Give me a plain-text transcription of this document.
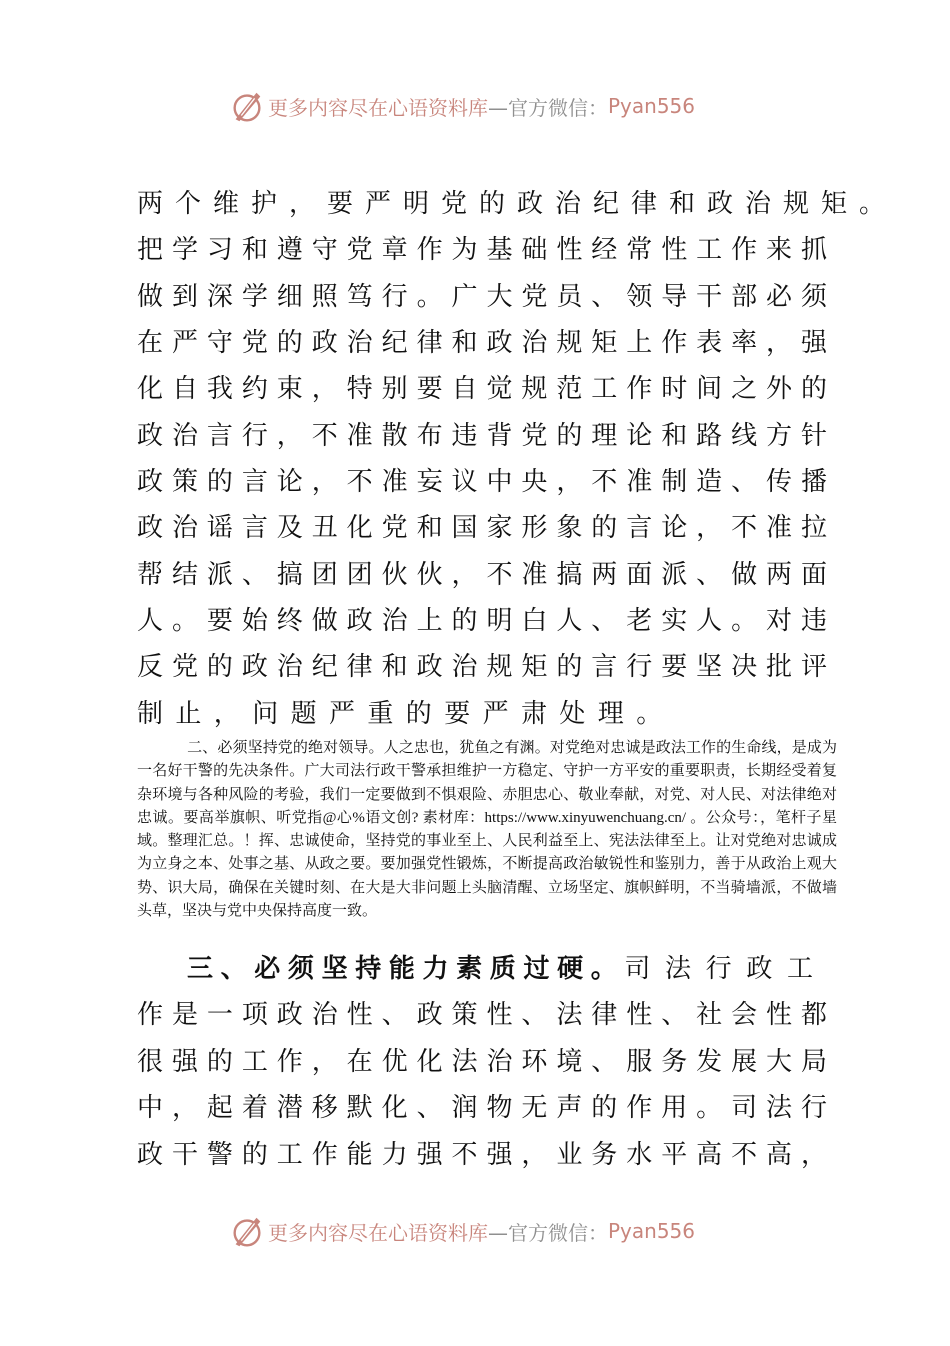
更多内容尽在心语资料库 —官方微信： Pyan556
两个维护，要严明党的政治纪律和政治规矩。
把学习和遵守党章作为基础性经常性工作来抓
做到深学细照笃行。广大党员、领导干部必须
在严守党的政治纪律和政治规矩上作表率，强
化自我约束，特别要自觉规范工作时间之外的
政治言行，不准散布违背党的理论和路线方针
政策的言论，不准妄议中央，不准制造、传播
政治谣言及丑化党和国家形象的言论，不准拉
帮结派、搞团团伙伙，不准搞两面派、做两面
人。要始终做政治上的明白人、老实人。对违
反党的政治纪律和政治规矩的言行要坚决批评
制止，问题严重的要严肃处理。
二、必须坚持党的绝对领导。人之忠也，犹鱼之有渊。对党绝对忠诚是政法工作的生命线，是成为一名好干警的先决条件。广大司法行政干警承担维护一方稳定、守护一方平安的重要职责，长期经受着复杂环境与各种风险的考验，我们一定要做到不惧艰险、赤胆忠心、敬业奉献，对党、对人民、对法律绝对忠诚。要高举旗帜、听党指@心%语文创? 素材库：https://www.xinyuwenchuang.cn/ 。公众号：，笔杆子星域。整理汇总。！挥、忠诚使命，坚持党的事业至上、人民利益至上、宪法法律至上。让对党绝对忠诚成为立身之本、处事之基、从政之要。要加强党性锻炼，不断提高政治敏锐性和鉴别力，善于从政治上观大势、识大局，确保在关键时刻、在大是大非问题上头脑清醒、立场坚定、旗帜鲜明，不当骑墙派，不做墙头草，坚决与党中央保持高度一致。
三、必须坚持能力素质过硬。司法行政工
作是一项政治性、政策性、法律性、社会性都
很强的工作，在优化法治环境、服务发展大局
中，起着潜移默化、润物无声的作用。司法行
政干警的工作能力强不强，业务水平高不高，
更多内容尽在心语资料库 —官方微信： Pyan556
